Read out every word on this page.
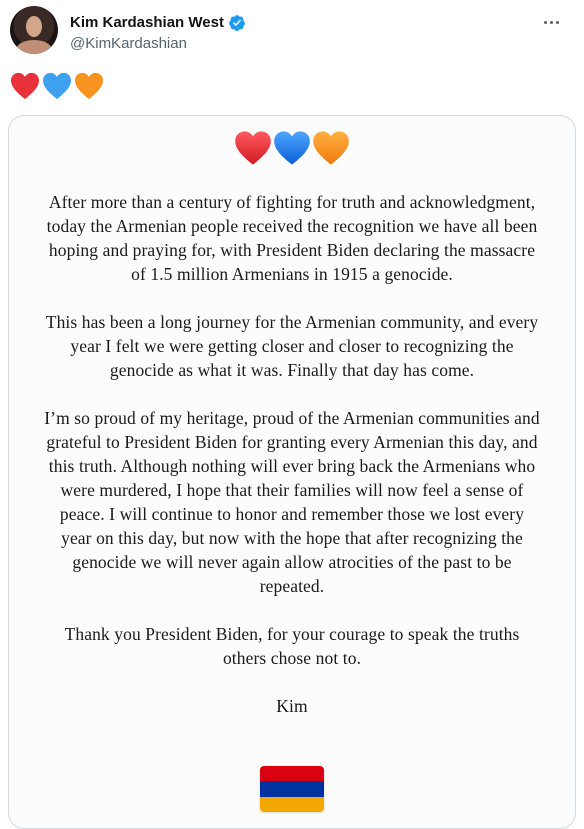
Kim Kardashian West
@KimKardashian

After more than a century of fighting for truth and acknowledgment, today the Armenian people received the recognition we have all been hoping and praying for, with President Biden declaring the massacre of 1.5 million Armenians in 1915 a genocide.

This has been a long journey for the Armenian community, and every year I felt we were getting closer and closer to recognizing the genocide as what it was. Finally that day has come.

I’m so proud of my heritage, proud of the Armenian communities and grateful to President Biden for granting every Armenian this day, and this truth. Although nothing will ever bring back the Armenians who were murdered, I hope that their families will now feel a sense of peace. I will continue to honor and remember those we lost every year on this day, but now with the hope that after recognizing the genocide we will never again allow atrocities of the past to be repeated.

Thank you President Biden, for your courage to speak the truths others chose not to.

Kim
